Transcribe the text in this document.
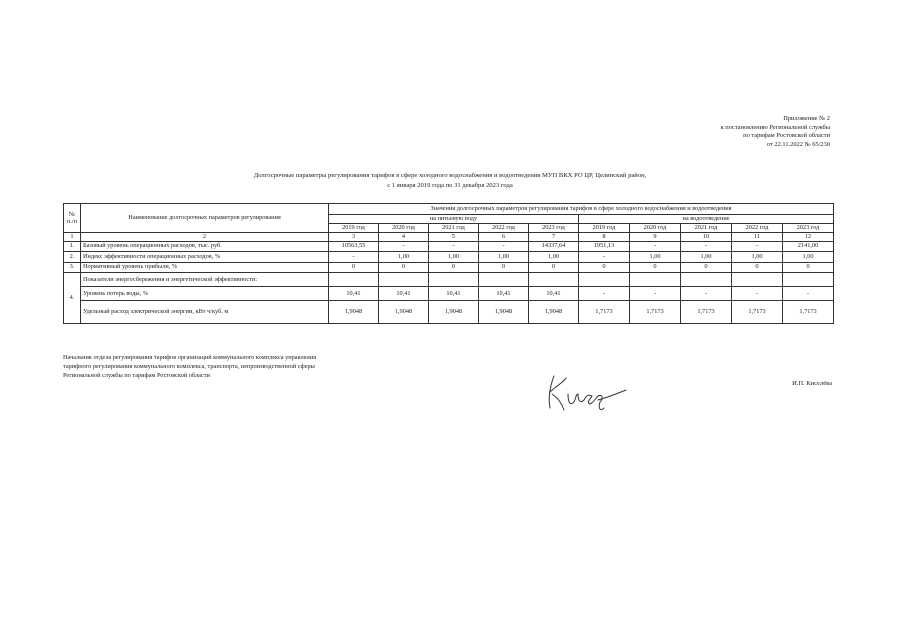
Приложение № 2
к постановлению Региональной службы
по тарифам Ростовской области
от 22.11.2022 № 65/230
Долгосрочные параметры регулирования тарифов в сфере холодного водоснабжения и водоотведения МУП ВКХ РО ЦР, Целинский район,
с 1 января 2019 года по 31 декабря 2023 года
№ п./п	Наименование долгосрочных параметров регулирования	Значения долгосрочных параметров регулирования тарифов в сфере холодного водоснабжения и водоотведения									
		на питьевую воду					на водоотведение				
		2019 год	2020 год	2021 год	2022 год	2023 год	2019 год	2020 год	2021 год	2022 год	2023 год
1	2	3	4	5	6	7	8	9	10	11	12
1.	Базовый уровень операционных расходов, тыс. руб.	10563,55	-	-	-	14337,64	1951,13	-	-	-	2141,00
2.	Индекс эффективности операционных расходов, %	-	1,00	1,00	1,00	1,00	-	1,00	1,00	1,00	1,00
3.	Нормативный уровень прибыли, %	0	0	0	0	0	0	0	0	0	0
4.	Показатели энергосбережения и энергетической эффективности:										
	Уровень потерь воды, %	10,41	10,41	10,41	10,41	10,41	-	-	-	-	-
	Удельный расход электрической энергии, кВт ч/куб. м	1,9048	1,9048	1,9048	1,9048	1,9048	1,7173	1,7173	1,7173	1,7173	1,7173
Начальник отдела регулирования тарифов организаций коммунального комплекса управления
тарифного регулирования коммунального комплекса, транспорта, непроизводственной сферы
Региональной службы по тарифам Ростовской области
И.П. Киселёва
